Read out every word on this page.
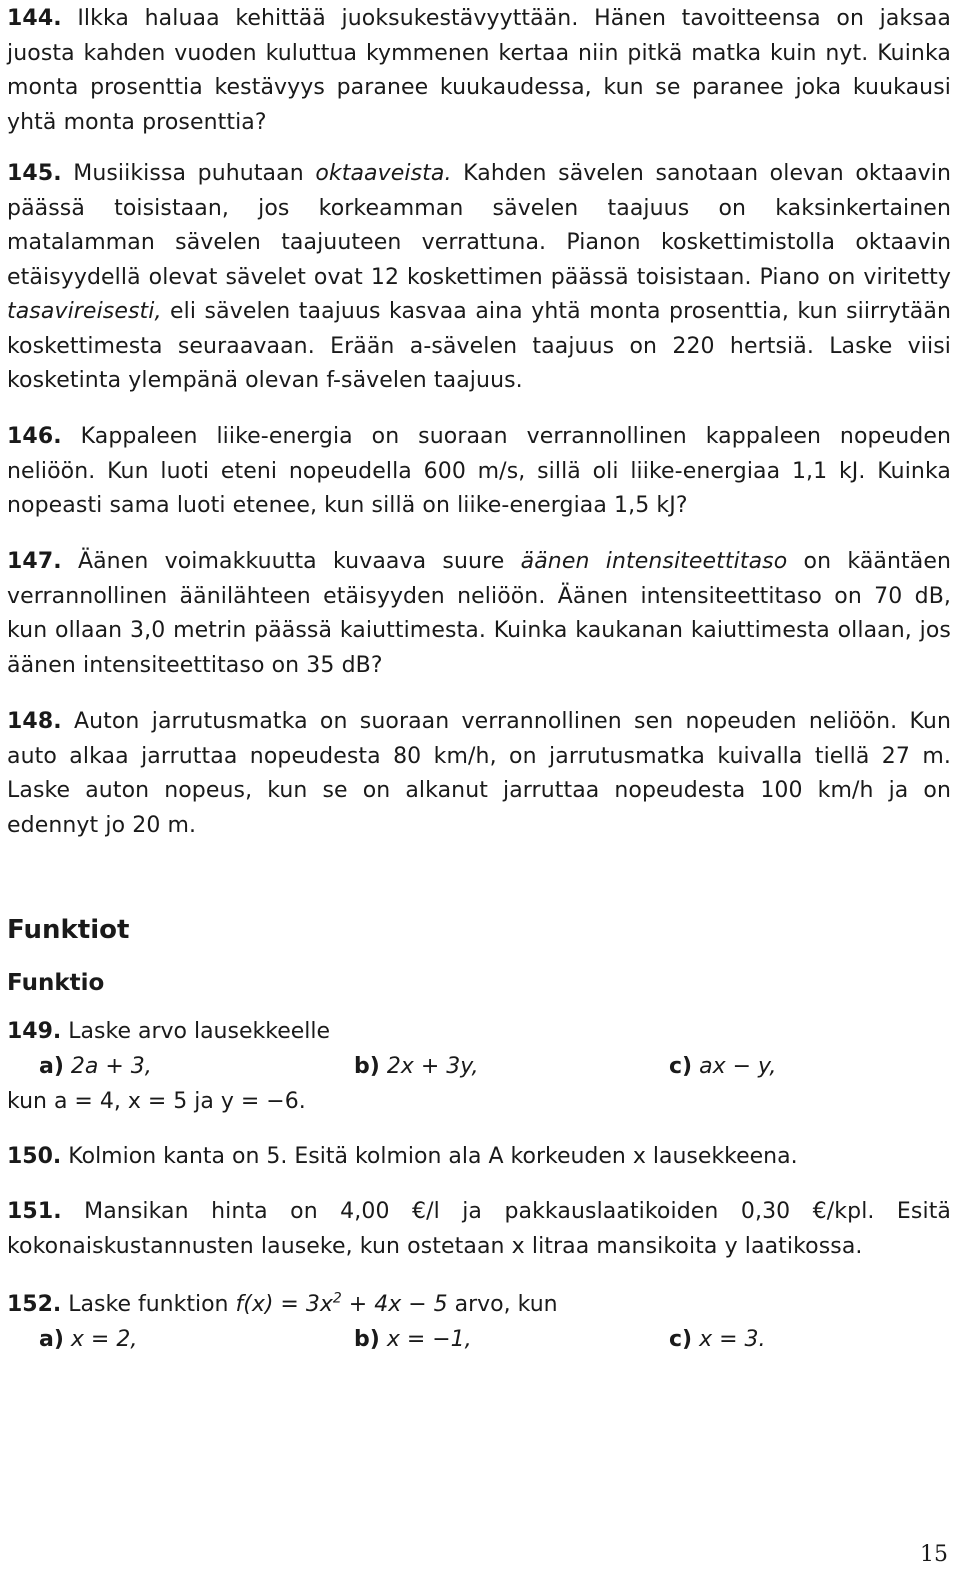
144. Ilkka haluaa kehittää juoksukestävyyttään. Hänen tavoitteensa on jaksaa juosta kahden vuoden kuluttua kymmenen kertaa niin pitkä matka kuin nyt. Kuinka monta prosenttia kestävyys paranee kuukaudessa, kun se paranee joka kuukausi yhtä monta prosenttia?
145. Musiikissa puhutaan oktaaveista. Kahden sävelen sanotaan olevan oktaavin päässä toisistaan, jos korkeamman sävelen taajuus on kaksinkertainen matalamman sävelen taajuuteen verrattuna. Pianon koskettimistolla oktaavin etäisyydellä olevat sävelet ovat 12 koskettimen päässä toisistaan. Piano on viritetty tasavireisesti, eli sävelen taajuus kasvaa aina yhtä monta prosenttia, kun siirrytään koskettimesta seuraavaan. Erään a-sävelen taajuus on 220 hertsiä. Laske viisi kosketinta ylempänä olevan f-sävelen taajuus.
146. Kappaleen liike-energia on suoraan verrannollinen kappaleen nopeuden neliöön. Kun luoti eteni nopeudella 600 m/s, sillä oli liike-energiaa 1,1 kJ. Kuinka nopeasti sama luoti etenee, kun sillä on liike-energiaa 1,5 kJ?
147. Äänen voimakkuutta kuvaava suure äänen intensiteettitaso on kääntäen verrannollinen äänilähteen etäisyyden neliöön. Äänen intensiteettitaso on 70 dB, kun ollaan 3,0 metrin päässä kaiuttimesta. Kuinka kaukanan kaiuttimesta ollaan, jos äänen intensiteettitaso on 35 dB?
148. Auton jarrutusmatka on suoraan verrannollinen sen nopeuden neliöön. Kun auto alkaa jarruttaa nopeudesta 80 km/h, on jarrutusmatka kuivalla tiellä 27 m. Laske auton nopeus, kun se on alkanut jarruttaa nopeudesta 100 km/h ja on edennyt jo 20 m.
Funktiot
Funktio
149. Laske arvo lausekkeelle
a) 2a + 3,	b) 2x + 3y,	c) ax − y,
kun a = 4, x = 5 ja y = −6.
150. Kolmion kanta on 5. Esitä kolmion ala A korkeuden x lausekkeena.
151. Mansikan hinta on 4,00 €/l ja pakkauslaatikoiden 0,30 €/kpl. Esitä kokonaiskustannusten lauseke, kun ostetaan x litraa mansikoita y laatikossa.
152. Laske funktion $f(x) = 3x^2 + 4x - 5$ arvo, kun
a) x = 2,	b) x = −1,	c) x = 3.
15
